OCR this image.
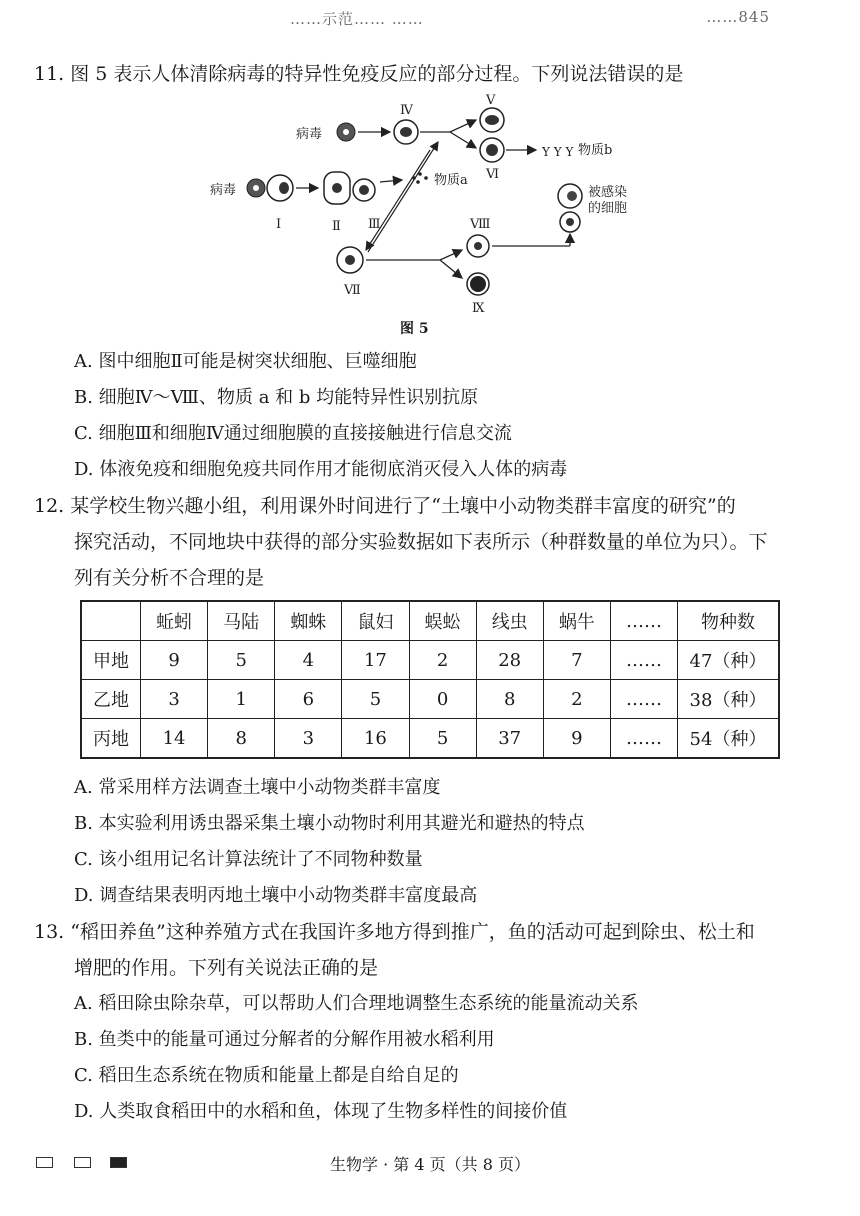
……示范…… ……	……845
11. 图 5 表示人体清除病毒的特异性免疫反应的部分过程。下列说法错误的是
病毒
Ⅳ
Ⅴ
Ⅵ
Y Y Y 物质b
病毒
Ⅰ	Ⅱ Ⅲ
物质a
Ⅶ
Ⅷ
Ⅸ
被感染
的细胞
图 5
A. 图中细胞Ⅱ可能是树突状细胞、巨噬细胞
B. 细胞Ⅳ～Ⅷ、物质 a 和 b 均能特异性识别抗原
C. 细胞Ⅲ和细胞Ⅳ通过细胞膜的直接接触进行信息交流
D. 体液免疫和细胞免疫共同作用才能彻底消灭侵入人体的病毒
12. 某学校生物兴趣小组，利用课外时间进行了“土壤中小动物类群丰富度的研究”的
探究活动，不同地块中获得的部分实验数据如下表所示（种群数量的单位为只）。下
列有关分析不合理的是
	蚯蚓	马陆	蜘蛛	鼠妇	蜈蚣	线虫	蜗牛	……	物种数
甲地	9	5	4	17	2	28	7	……	47（种）
乙地	3	1	6	5	0	8	2	……	38（种）
丙地	14	8	3	16	5	37	9	……	54（种）
A. 常采用样方法调查土壤中小动物类群丰富度
B. 本实验利用诱虫器采集土壤小动物时利用其避光和避热的特点
C. 该小组用记名计算法统计了不同物种数量
D. 调查结果表明丙地土壤中小动物类群丰富度最高
13. “稻田养鱼”这种养殖方式在我国许多地方得到推广，鱼的活动可起到除虫、松土和
增肥的作用。下列有关说法正确的是
A. 稻田除虫除杂草，可以帮助人们合理地调整生态系统的能量流动关系
B. 鱼类中的能量可通过分解者的分解作用被水稻利用
C. 稻田生态系统在物质和能量上都是自给自足的
D. 人类取食稻田中的水稻和鱼，体现了生物多样性的间接价值
生物学 · 第 4 页（共 8 页）
